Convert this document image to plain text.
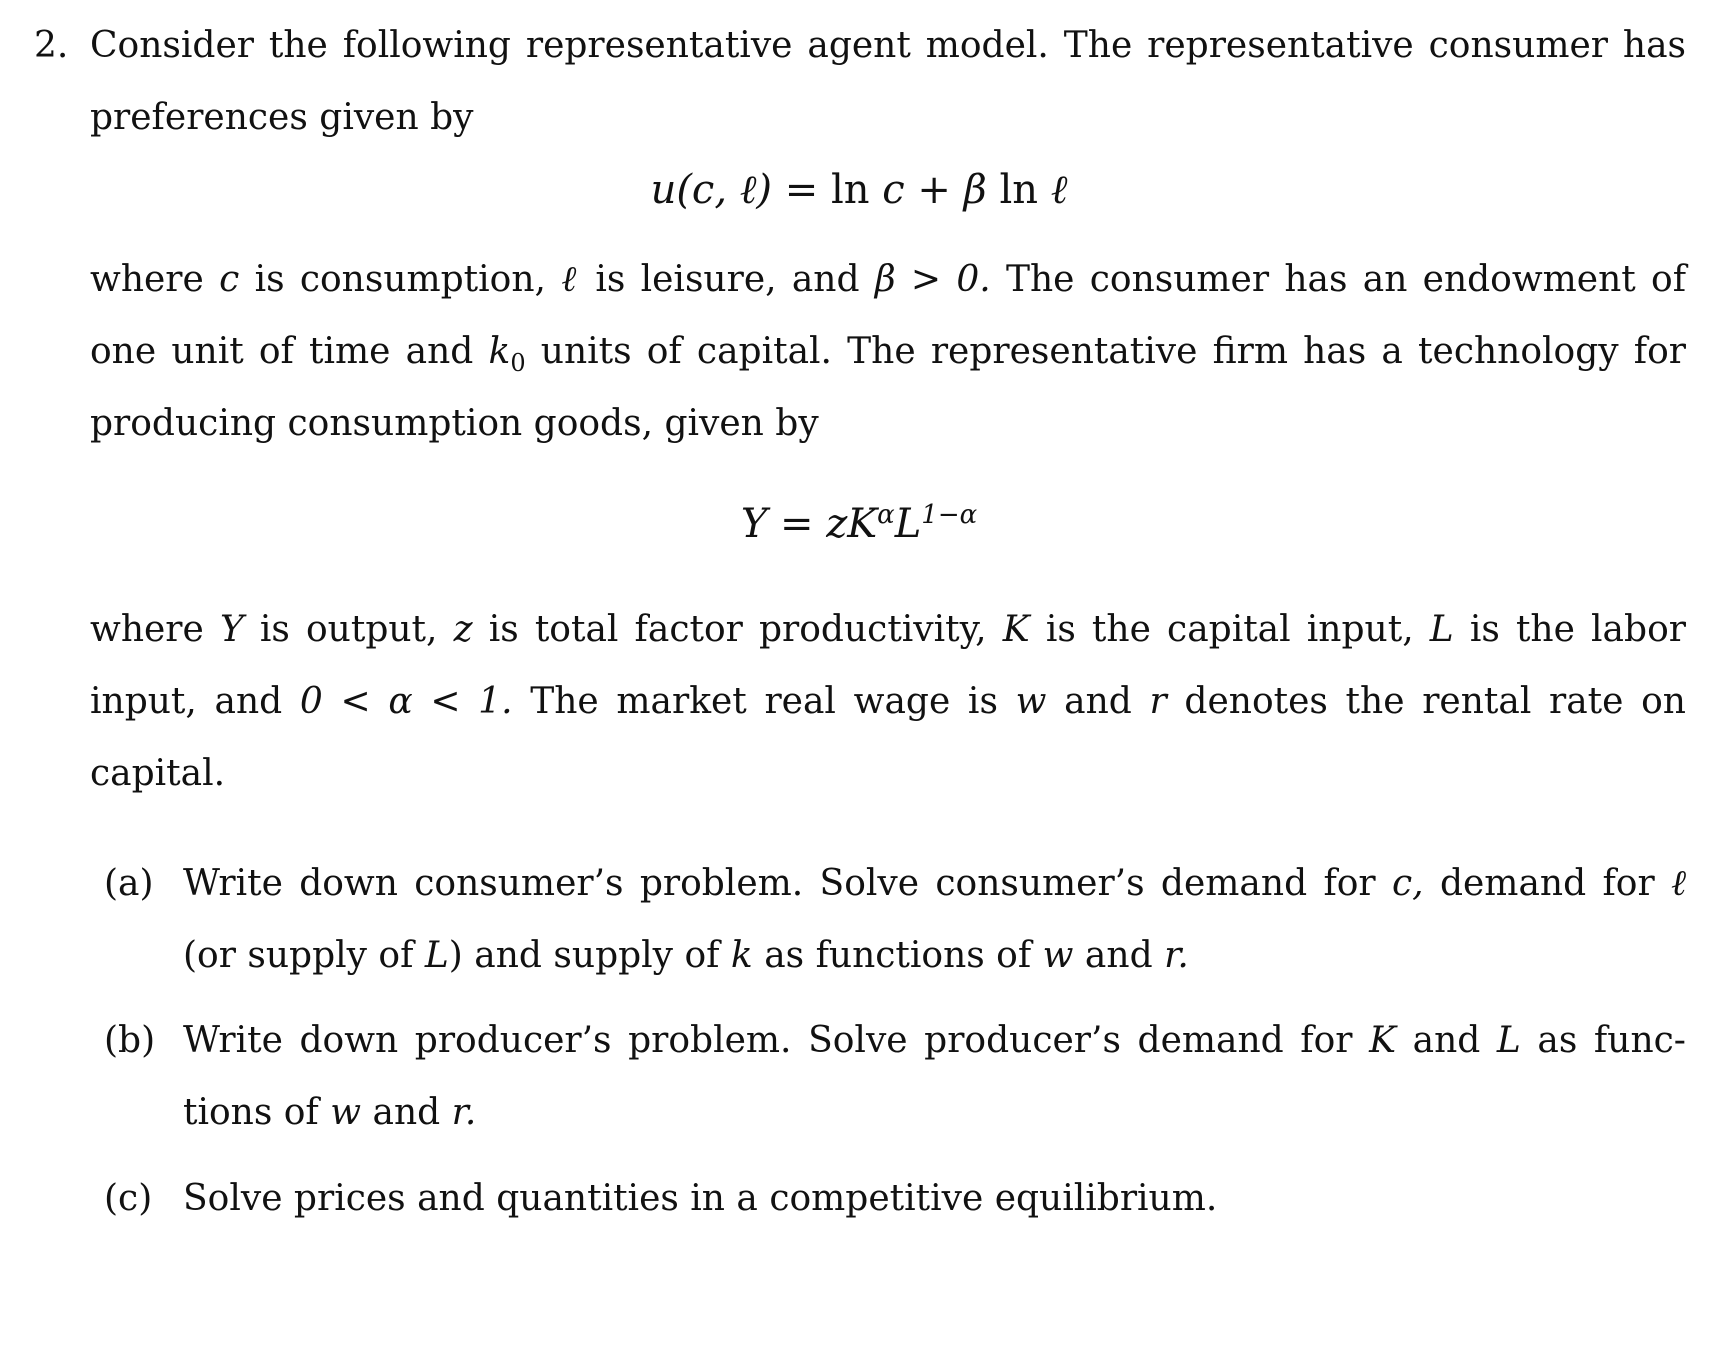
2. Consider the following representative agent model. The representative consumer has
preferences given by
u(c, ℓ) = ln c + β ln ℓ
where c is consumption, ℓ is leisure, and β > 0. The consumer has an endowment of
one unit of time and $k_0$ units of capital. The representative firm has a technology for
producing consumption goods, given by
$Y = zK^\alpha L^{1-\alpha}$
where Y is output, z is total factor productivity, K is the capital input, L is the labor
input, and 0 < α < 1. The market real wage is w and r denotes the rental rate on
capital.
(a) Write down consumer’s problem. Solve consumer’s demand for c, demand for ℓ
(or supply of L) and supply of k as functions of w and r.
(b) Write down producer’s problem. Solve producer’s demand for K and L as func-
tions of w and r.
(c) Solve prices and quantities in a competitive equilibrium.
